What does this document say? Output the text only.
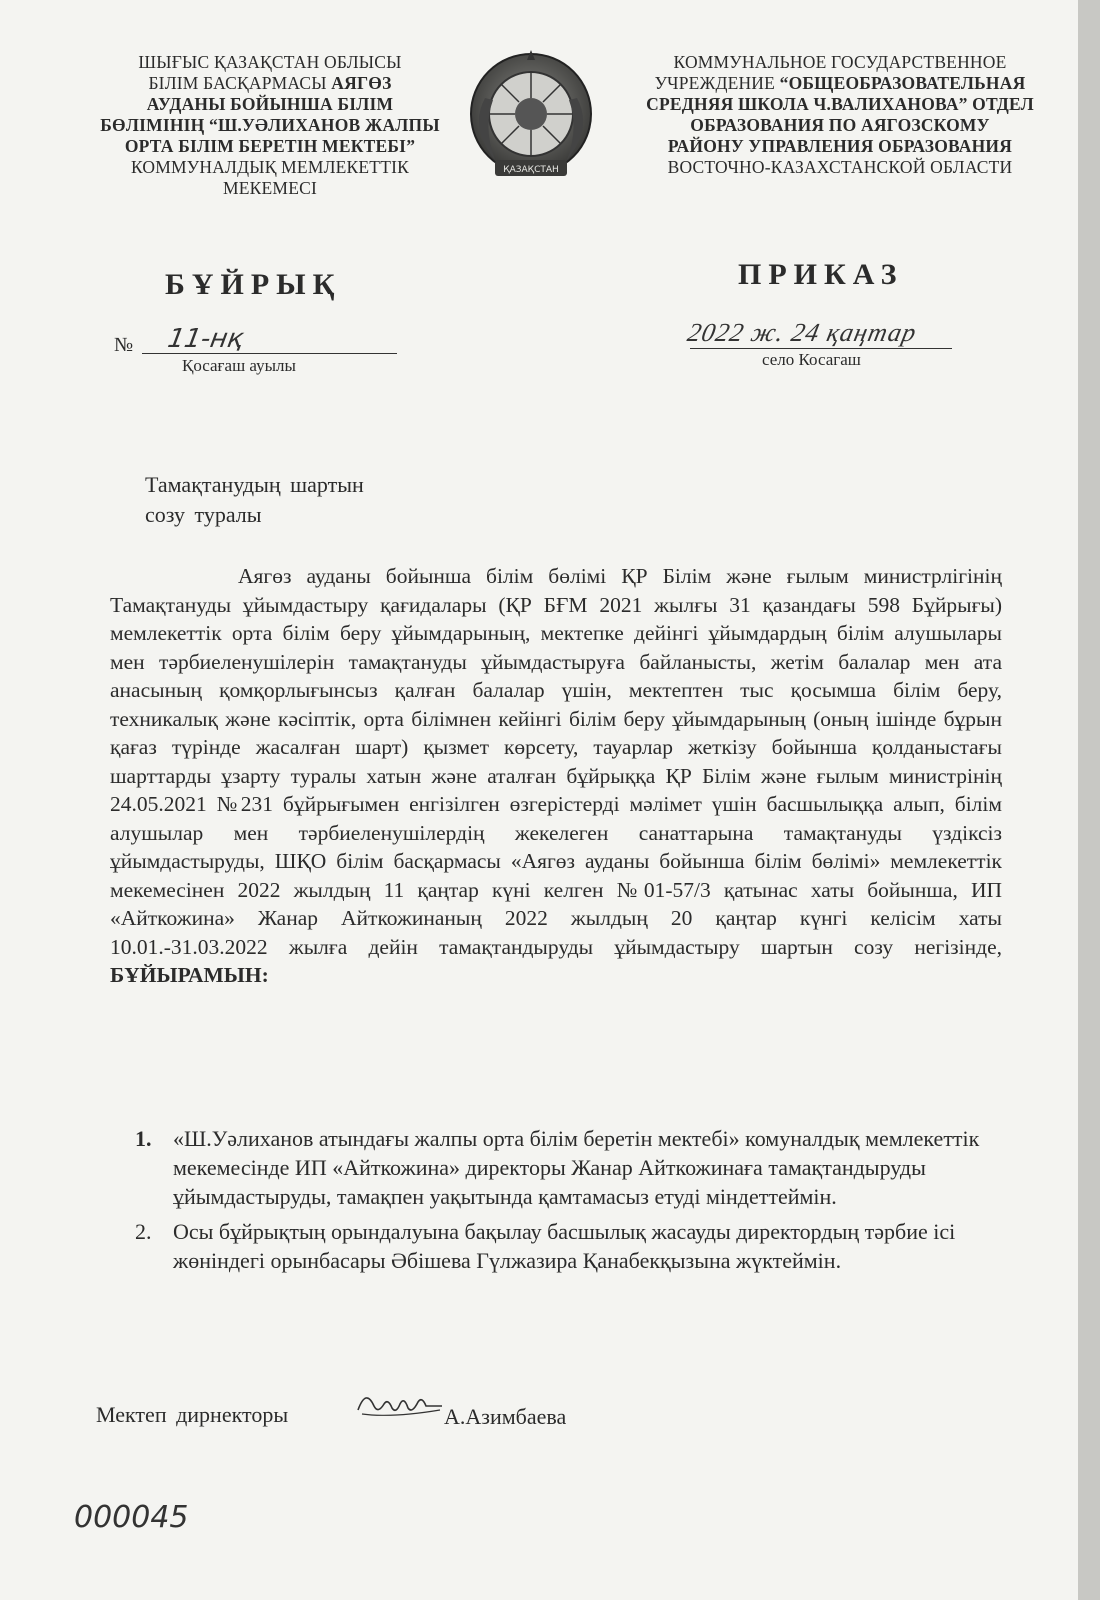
ШЫҒЫС ҚАЗАҚСТАН ОБЛЫСЫ
БІЛІМ БАСҚАРМАСЫ АЯГӨЗ
АУДАНЫ БОЙЫНША БІЛІМ
БӨЛІМІНІҢ “Ш.УӘЛИХАНОВ ЖАЛПЫ
ОРТА БІЛІМ БЕРЕТІН МЕКТЕБІ”
КОММУНАЛДЫҚ МЕМЛЕКЕТТІК
МЕКЕМЕСІ
ҚАЗАҚСТАН
КОММУНАЛЬНОЕ ГОСУДАРСТВЕННОЕ
УЧРЕЖДЕНИЕ “ОБЩЕОБРАЗОВАТЕЛЬНАЯ
СРЕДНЯЯ ШКОЛА Ч.ВАЛИХАНОВА” ОТДЕЛ
ОБРАЗОВАНИЯ ПО АЯГОЗСКОМУ
РАЙОНУ УПРАВЛЕНИЯ ОБРАЗОВАНИЯ
ВОСТОЧНО-КАЗАХСТАНСКОЙ ОБЛАСТИ
БҰЙРЫҚ	ПРИКАЗ
№ 11-нқ
Қосағаш ауылы
2022 ж. 24 қаңтар
село Косагаш
Тамақтанудың шартын
созу туралы
Аягөз ауданы бойынша білім бөлімі ҚР Білім және ғылым министрлігінің Тамақтануды ұйымдастыру қағидалары (ҚР БҒМ 2021 жылғы 31 қазандағы 598 Бұйрығы) мемлекеттік орта білім беру ұйымдарының, мектепке дейінгі ұйымдардың білім алушылары мен тәрбиеленушілерін тамақтануды ұйымдастыруға байланысты, жетім балалар мен ата анасының қомқорлығынсыз қалған балалар үшін, мектептен тыс қосымша білім беру, техникалық және кәсіптік, орта білімнен кейінгі білім беру ұйымдарының (оның ішінде бұрын қағаз түрінде жасалған шарт) қызмет көрсету, тауарлар жеткізу бойынша қолданыстағы шарттарды ұзарту туралы хатын және аталған бұйрыққа ҚР Білім және ғылым министрінің 24.05.2021 №231 бұйрығымен енгізілген өзгерістерді мәлімет үшін басшылыққа алып, білім алушылар мен тәрбиеленушілердің жекелеген санаттарына тамақтануды үздіксіз ұйымдастыруды, ШҚО білім басқармасы «Аягөз ауданы бойынша білім бөлімі» мемлекеттік мекемесінен 2022 жылдың 11 қаңтар күні келген №01-57/3 қатынас хаты бойынша, ИП «Айткожина» Жанар Айткожинаның 2022 жылдың 20 қаңтар күнгі келісім хаты 10.01.-31.03.2022 жылға дейін тамақтандыруды ұйымдастыру шартын созу негізінде, БҰЙЫРАМЫН:
1. «Ш.Уәлиханов атындағы жалпы орта білім беретін мектебі» комуналдық мемлекеттік мекемесінде ИП «Айткожина» директоры Жанар Айткожинаға тамақтандыруды ұйымдастыруды, тамақпен уақытында қамтамасыз етуді міндеттеймін.
2. Осы бұйрықтың орындалуына бақылау басшылық жасауды директордың тәрбие ісі жөніндегі орынбасары Әбішева Гүлжазира Қанабекқызына жүктеймін.
Мектеп дирнекторы	А.Азимбаева
000045
